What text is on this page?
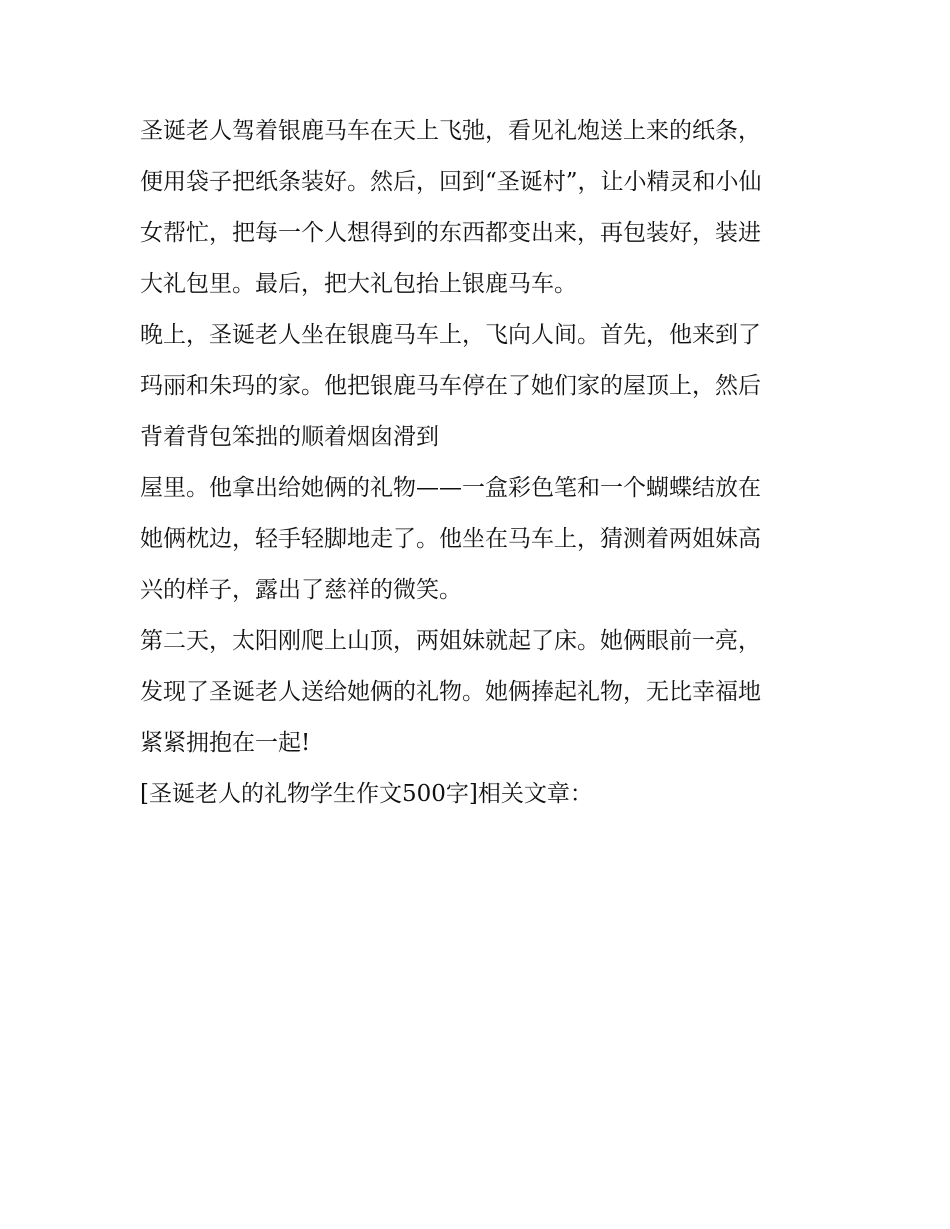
圣诞老人驾着银鹿马车在天上飞弛，看见礼炮送上来的纸条，
便用袋子把纸条装好。然后，回到“圣诞村”，让小精灵和小仙
女帮忙，把每一个人想得到的东西都变出来，再包装好，装进
大礼包里。最后，把大礼包抬上银鹿马车。
晚上，圣诞老人坐在银鹿马车上，飞向人间。首先，他来到了
玛丽和朱玛的家。他把银鹿马车停在了她们家的屋顶上，然后
背着背包笨拙的顺着烟囱滑到
屋里。他拿出给她俩的礼物——一盒彩色笔和一个蝴蝶结放在
她俩枕边，轻手轻脚地走了。他坐在马车上，猜测着两姐妹高
兴的样子，露出了慈祥的微笑。
第二天，太阳刚爬上山顶，两姐妹就起了床。她俩眼前一亮，
发现了圣诞老人送给她俩的礼物。她俩捧起礼物，无比幸福地
紧紧拥抱在一起!
[圣诞老人的礼物学生作文500字]相关文章：
